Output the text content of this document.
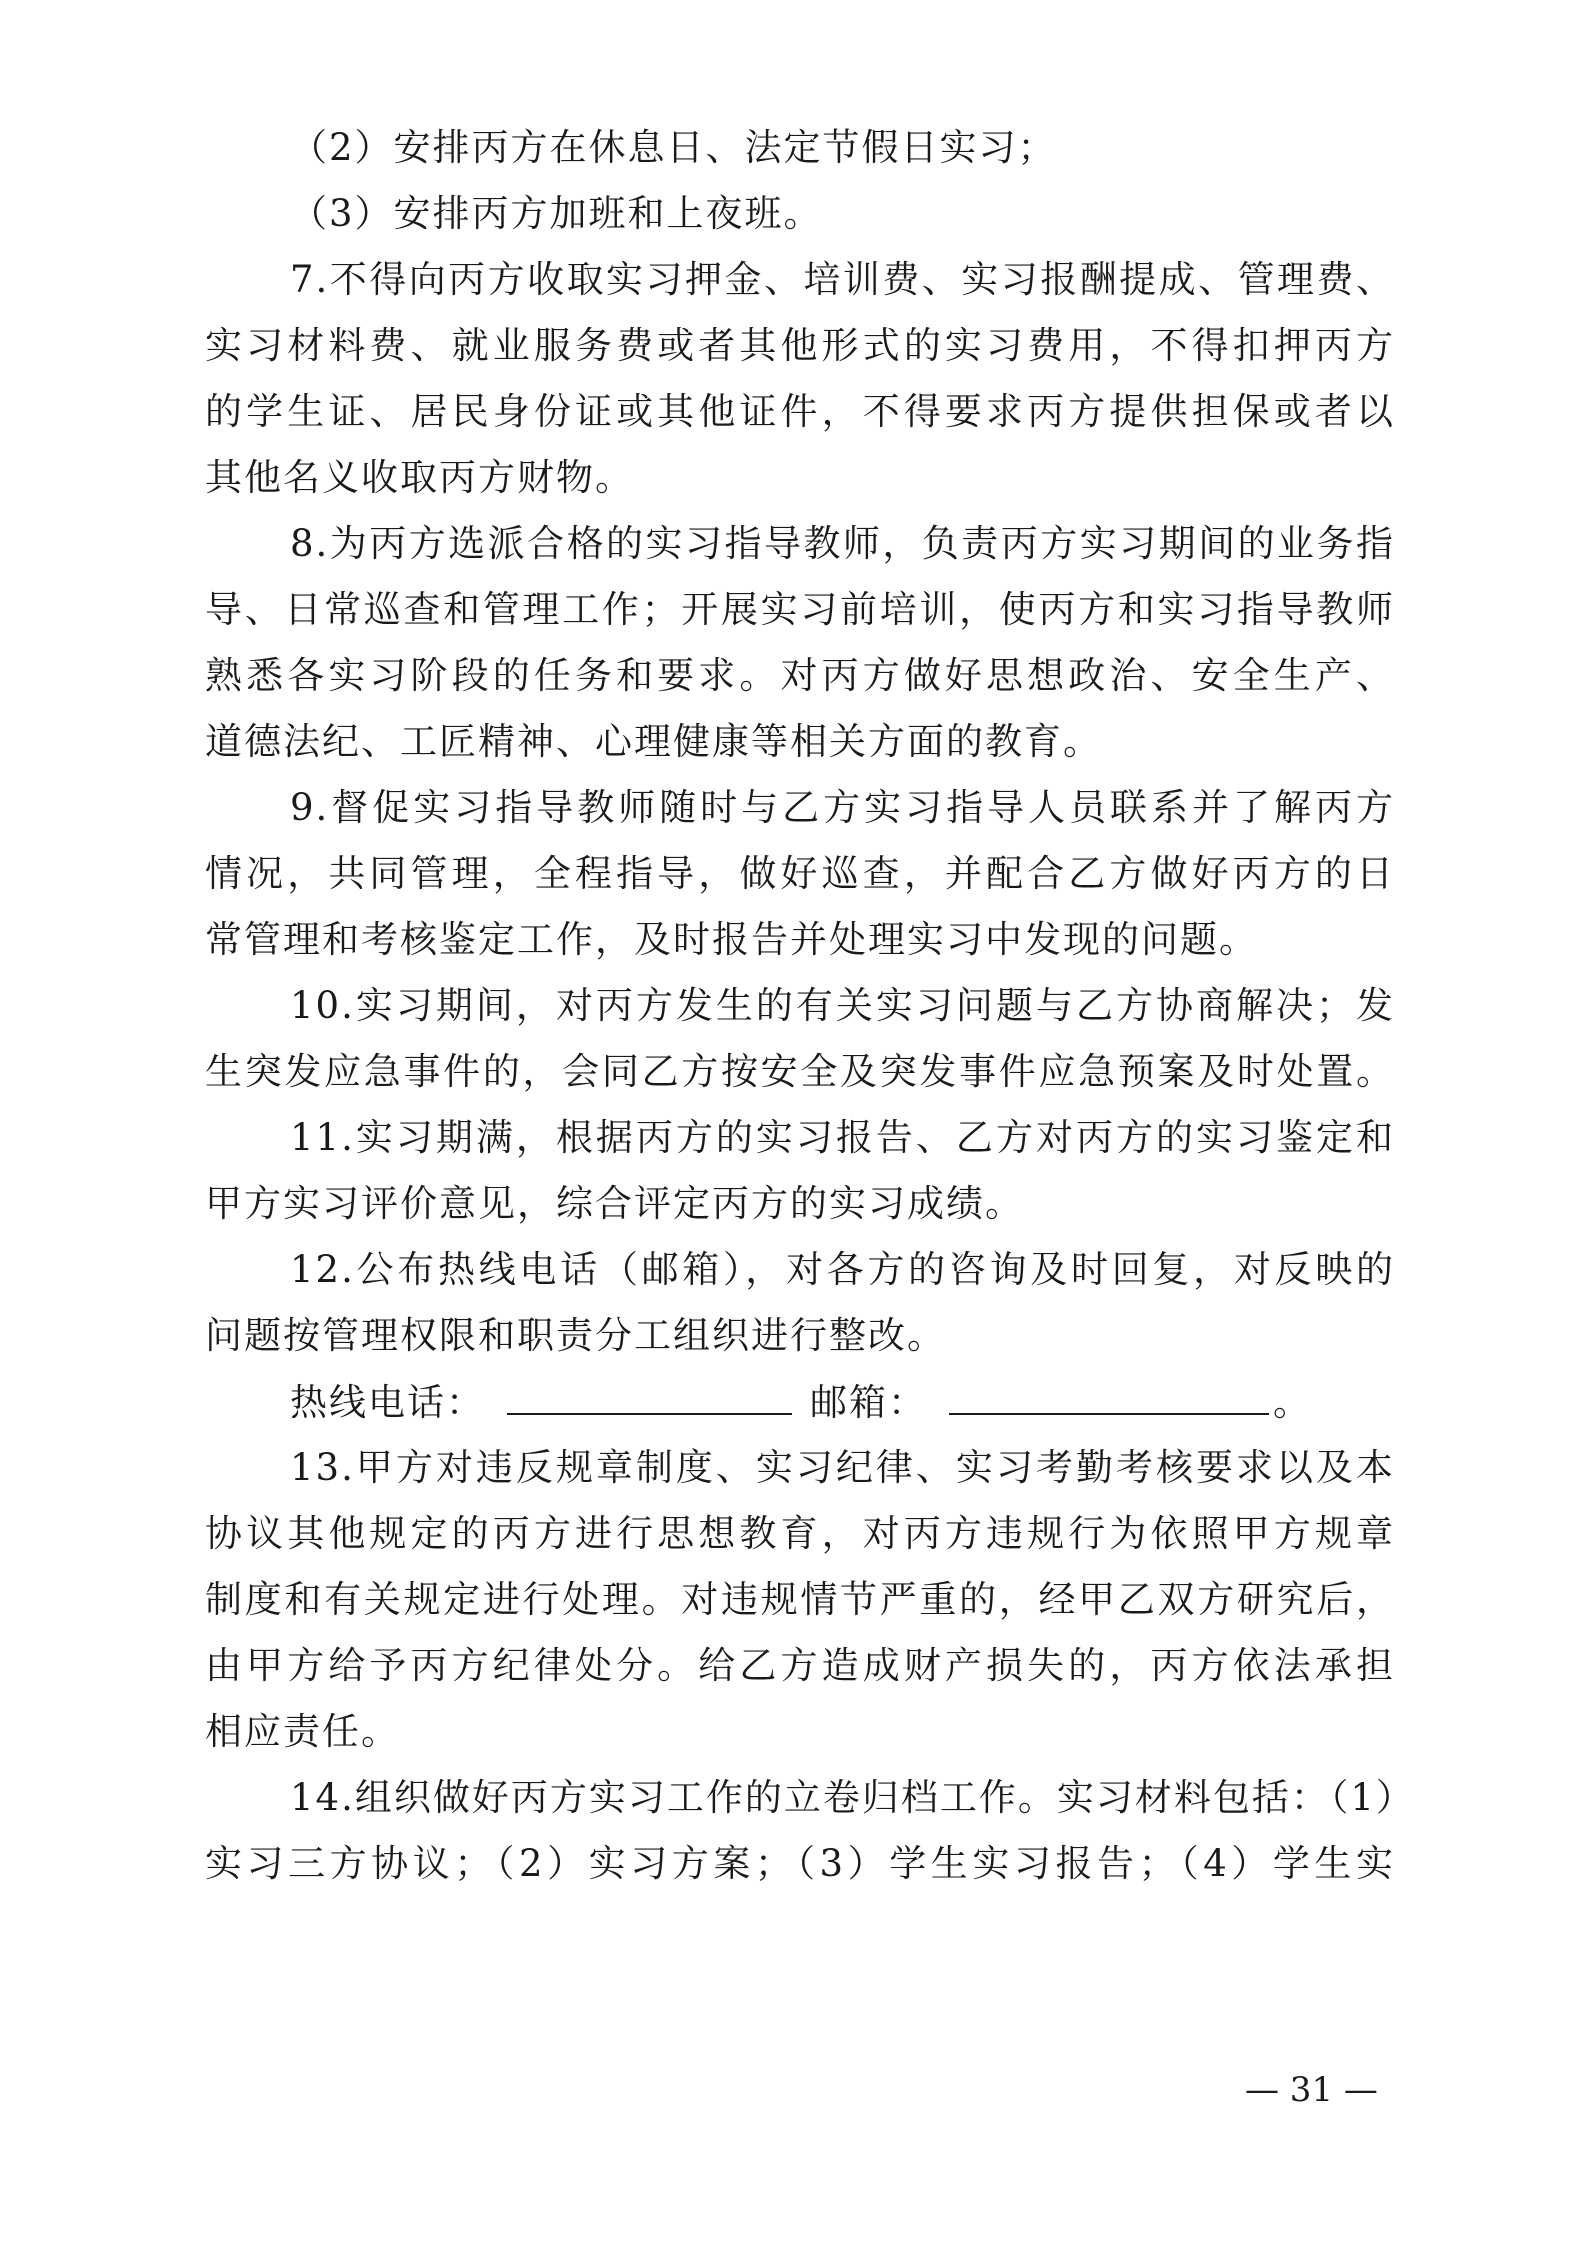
（2）安排丙方在休息日、法定节假日实习；
（3）安排丙方加班和上夜班。
7.不得向丙方收取实习押金、培训费、实习报酬提成、管理费、
实习材料费、就业服务费或者其他形式的实习费用，不得扣押丙方
的学生证、居民身份证或其他证件，不得要求丙方提供担保或者以
其他名义收取丙方财物。
8.为丙方选派合格的实习指导教师，负责丙方实习期间的业务指
导、日常巡查和管理工作；开展实习前培训，使丙方和实习指导教师
熟悉各实习阶段的任务和要求。对丙方做好思想政治、安全生产、
道德法纪、工匠精神、心理健康等相关方面的教育。
9.督促实习指导教师随时与乙方实习指导人员联系并了解丙方
情况，共同管理，全程指导，做好巡查，并配合乙方做好丙方的日
常管理和考核鉴定工作，及时报告并处理实习中发现的问题。
10.实习期间，对丙方发生的有关实习问题与乙方协商解决；发
生突发应急事件的，会同乙方按安全及突发事件应急预案及时处置。
11.实习期满，根据丙方的实习报告、乙方对丙方的实习鉴定和
甲方实习评价意见，综合评定丙方的实习成绩。
12.公布热线电话（邮箱），对各方的咨询及时回复，对反映的
问题按管理权限和职责分工组织进行整改。
热线电话：	邮箱：	。
13.甲方对违反规章制度、实习纪律、实习考勤考核要求以及本
协议其他规定的丙方进行思想教育，对丙方违规行为依照甲方规章
制度和有关规定进行处理。对违规情节严重的，经甲乙双方研究后，
由甲方给予丙方纪律处分。给乙方造成财产损失的，丙方依法承担
相应责任。
14.组织做好丙方实习工作的立卷归档工作。实习材料包括：（1）
实习三方协议；（2）实习方案；（3）学生实习报告；（4）学生实
— 31 —
